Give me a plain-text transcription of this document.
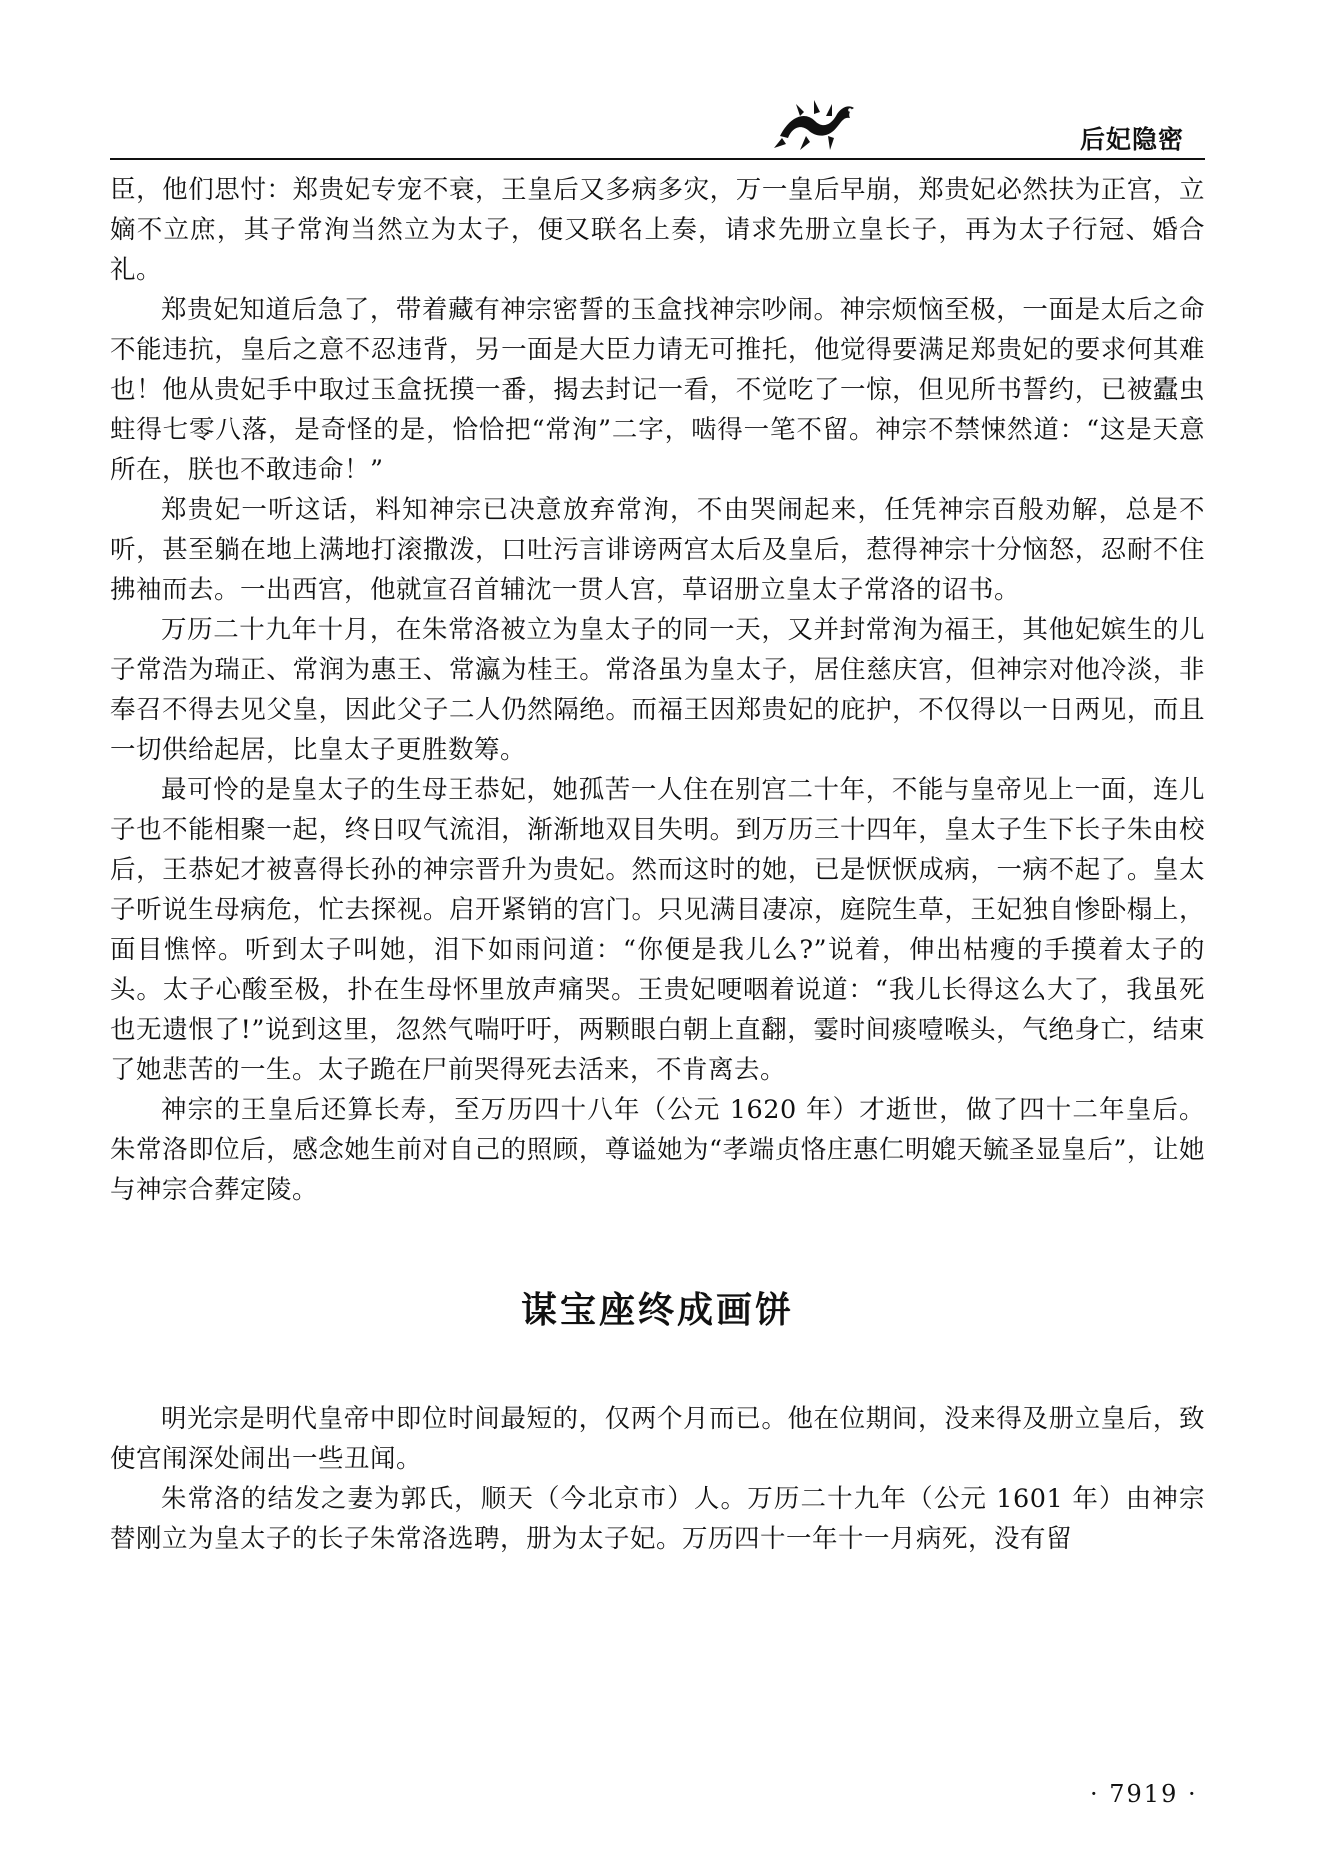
后妃隐密

臣，他们思忖：郑贵妃专宠不衰，王皇后又多病多灾，万一皇后早崩，郑贵妃必然扶为正宫，立嫡不立庶，其子常洵当然立为太子，便又联名上奏，请求先册立皇长子，再为太子行冠、婚合礼。

郑贵妃知道后急了，带着藏有神宗密誓的玉盒找神宗吵闹。神宗烦恼至极，一面是太后之命不能违抗，皇后之意不忍违背，另一面是大臣力请无可推托，他觉得要满足郑贵妃的要求何其难也！他从贵妃手中取过玉盒抚摸一番，揭去封记一看，不觉吃了一惊，但见所书誓约，已被蠹虫蛀得七零八落，是奇怪的是，恰恰把“常洵”二字，啮得一笔不留。神宗不禁悚然道：“这是天意所在，朕也不敢违命！”

郑贵妃一听这话，料知神宗已决意放弃常洵，不由哭闹起来，任凭神宗百般劝解，总是不听，甚至躺在地上满地打滚撒泼，口吐污言诽谤两宫太后及皇后，惹得神宗十分恼怒，忍耐不住拂袖而去。一出西宫，他就宣召首辅沈一贯人宫，草诏册立皇太子常洛的诏书。

万历二十九年十月，在朱常洛被立为皇太子的同一天，又并封常洵为福王，其他妃嫔生的儿子常浩为瑞正、常润为惠王、常瀛为桂王。常洛虽为皇太子，居住慈庆宫，但神宗对他冷淡，非奉召不得去见父皇，因此父子二人仍然隔绝。而福王因郑贵妃的庇护，不仅得以一日两见，而且一切供给起居，比皇太子更胜数筹。

最可怜的是皇太子的生母王恭妃，她孤苦一人住在别宫二十年，不能与皇帝见上一面，连儿子也不能相聚一起，终日叹气流泪，渐渐地双目失明。到万历三十四年，皇太子生下长子朱由校后，王恭妃才被喜得长孙的神宗晋升为贵妃。然而这时的她，已是恹恹成病，一病不起了。皇太子听说生母病危，忙去探视。启开紧销的宫门。只见满目凄凉，庭院生草，王妃独自惨卧榻上，面目憔悴。听到太子叫她，泪下如雨问道：“你便是我儿么?”说着，伸出枯瘦的手摸着太子的头。太子心酸至极，扑在生母怀里放声痛哭。王贵妃哽咽着说道：“我儿长得这么大了，我虽死也无遗恨了!”说到这里，忽然气喘吁吁，两颗眼白朝上直翻，霎时间痰噎喉头，气绝身亡，结束了她悲苦的一生。太子跪在尸前哭得死去活来，不肯离去。

神宗的王皇后还算长寿，至万历四十八年（公元 1620 年）才逝世，做了四十二年皇后。朱常洛即位后，感念她生前对自己的照顾，尊谥她为“孝端贞恪庄惠仁明媲天毓圣显皇后”，让她与神宗合葬定陵。

谋宝座终成画饼

明光宗是明代皇帝中即位时间最短的，仅两个月而已。他在位期间，没来得及册立皇后，致使宫闱深处闹出一些丑闻。

朱常洛的结发之妻为郭氏，顺天（今北京市）人。万历二十九年（公元 1601 年）由神宗替刚立为皇太子的长子朱常洛选聘，册为太子妃。万历四十一年十一月病死，没有留

· 7919 ·
